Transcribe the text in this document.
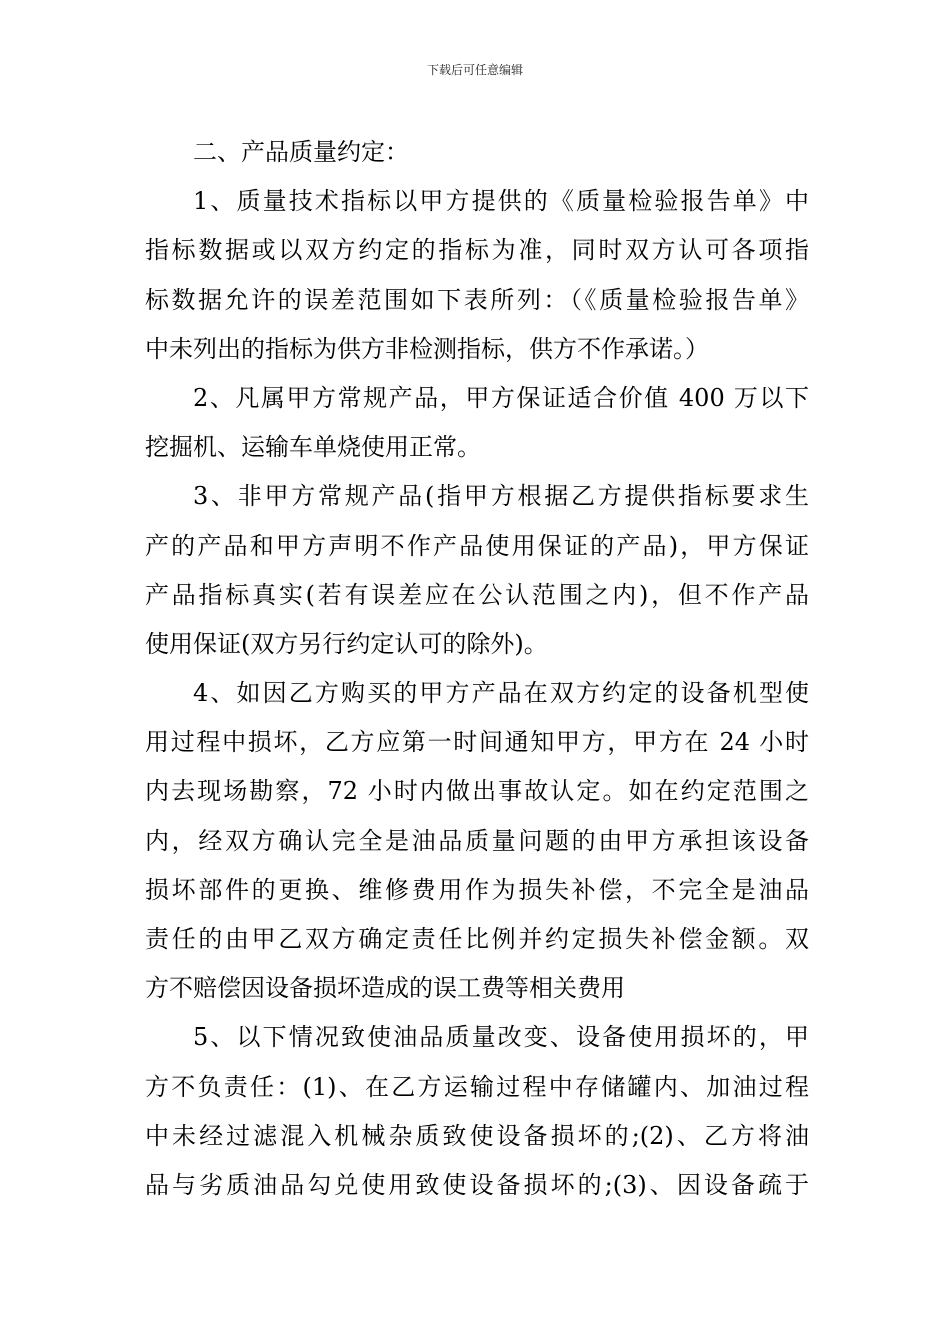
下载后可任意编辑
二、产品质量约定：
1、质量技术指标以甲方提供的《质量检验报告单》中
指标数据或以双方约定的指标为准，同时双方认可各项指
标数据允许的误差范围如下表所列：（《质量检验报告单》
中未列出的指标为供方非检测指标，供方不作承诺。）
2、凡属甲方常规产品，甲方保证适合价值 400 万以下
挖掘机、运输车单烧使用正常。
3、非甲方常规产品(指甲方根据乙方提供指标要求生
产的产品和甲方声明不作产品使用保证的产品)，甲方保证
产品指标真实(若有误差应在公认范围之内)，但不作产品
使用保证(双方另行约定认可的除外)。
4、如因乙方购买的甲方产品在双方约定的设备机型使
用过程中损坏，乙方应第一时间通知甲方，甲方在 24 小时
内去现场勘察，72 小时内做出事故认定。如在约定范围之
内，经双方确认完全是油品质量问题的由甲方承担该设备
损坏部件的更换、维修费用作为损失补偿，不完全是油品
责任的由甲乙双方确定责任比例并约定损失补偿金额。双
方不赔偿因设备损坏造成的误工费等相关费用
5、以下情况致使油品质量改变、设备使用损坏的，甲
方不负责任：(1)、在乙方运输过程中存储罐内、加油过程
中未经过滤混入机械杂质致使设备损坏的;(2)、乙方将油
品与劣质油品勾兑使用致使设备损坏的;(3)、因设备疏于
